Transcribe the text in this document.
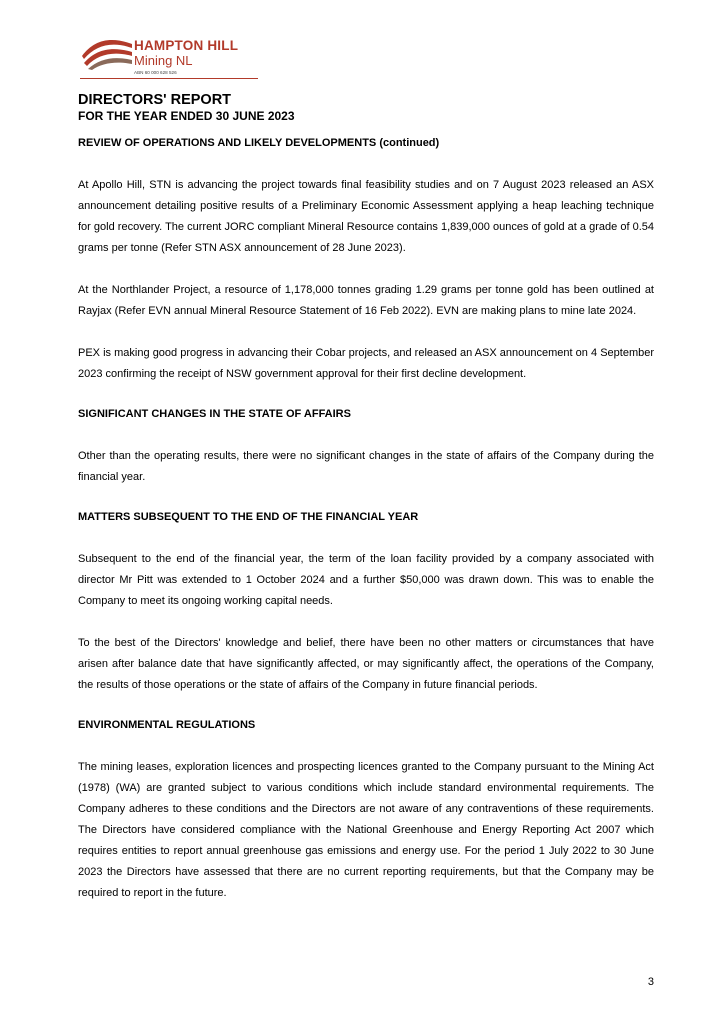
HAMPTON HILL
Mining NL
ABN 60 000 628 526
DIRECTORS' REPORT
FOR THE YEAR ENDED 30 JUNE 2023
REVIEW OF OPERATIONS AND LIKELY DEVELOPMENTS (continued)

At Apollo Hill, STN is advancing the project towards final feasibility studies and on 7 August 2023 released an ASX announcement detailing positive results of a Preliminary Economic Assessment applying a heap leaching technique for gold recovery. The current JORC compliant Mineral Resource contains 1,839,000 ounces of gold at a grade of 0.54 grams per tonne (Refer STN ASX announcement of 28 June 2023).

At the Northlander Project, a resource of 1,178,000 tonnes grading 1.29 grams per tonne gold has been outlined at Rayjax (Refer EVN annual Mineral Resource Statement of 16 Feb 2022). EVN are making plans to mine late 2024.

PEX is making good progress in advancing their Cobar projects, and released an ASX announcement on 4 September 2023 confirming the receipt of NSW government approval for their first decline development.

SIGNIFICANT CHANGES IN THE STATE OF AFFAIRS

Other than the operating results, there were no significant changes in the state of affairs of the Company during the financial year.

MATTERS SUBSEQUENT TO THE END OF THE FINANCIAL YEAR

Subsequent to the end of the financial year, the term of the loan facility provided by a company associated with director Mr Pitt was extended to 1 October 2024 and a further $50,000 was drawn down. This was to enable the Company to meet its ongoing working capital needs.

To the best of the Directors' knowledge and belief, there have been no other matters or circumstances that have arisen after balance date that have significantly affected, or may significantly affect, the operations of the Company, the results of those operations or the state of affairs of the Company in future financial periods.

ENVIRONMENTAL REGULATIONS

The mining leases, exploration licences and prospecting licences granted to the Company pursuant to the Mining Act (1978) (WA) are granted subject to various conditions which include standard environmental requirements. The Company adheres to these conditions and the Directors are not aware of any contraventions of these requirements. The Directors have considered compliance with the National Greenhouse and Energy Reporting Act 2007 which requires entities to report annual greenhouse gas emissions and energy use. For the period 1 July 2022 to 30 June 2023 the Directors have assessed that there are no current reporting requirements, but that the Company may be required to report in the future.

3
